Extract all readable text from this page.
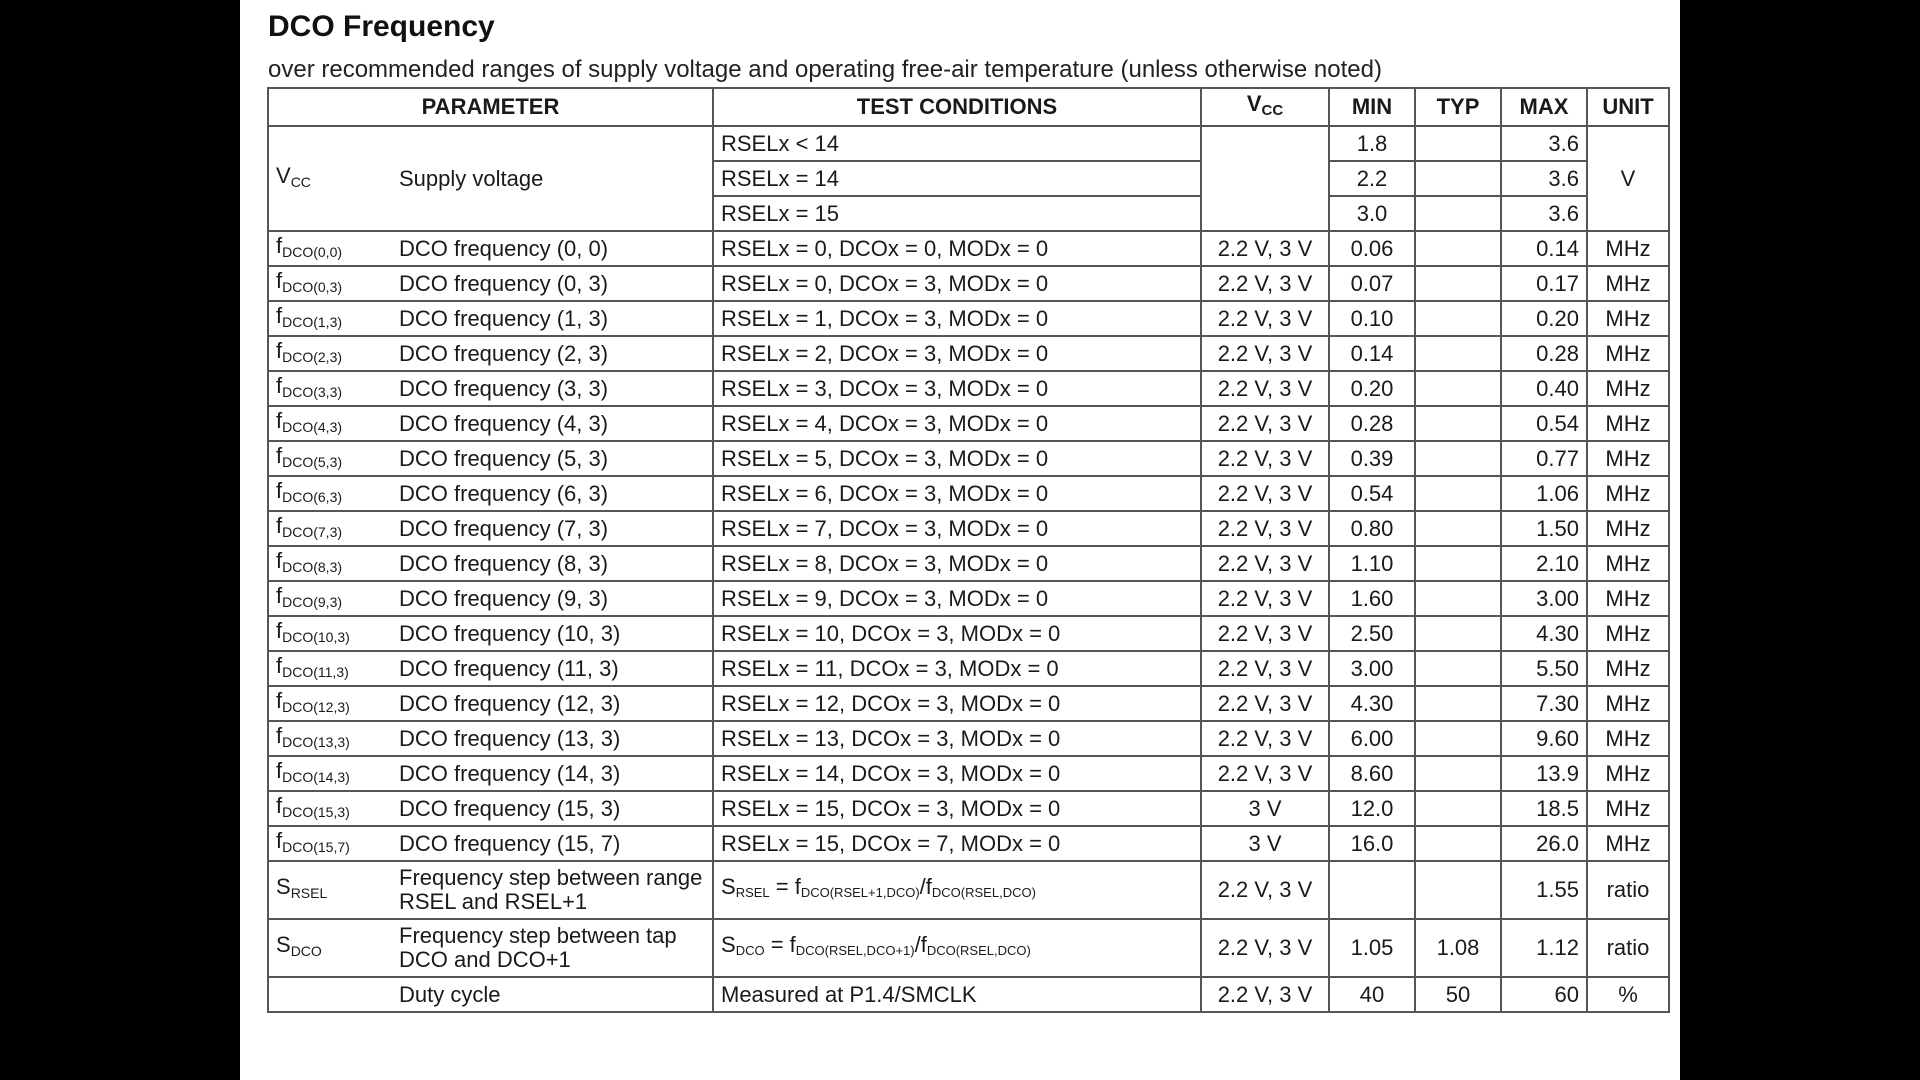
DCO Frequency
over recommended ranges of supply voltage and operating free-air temperature (unless otherwise noted)
PARAMETER		TEST CONDITIONS	$V_{CC}$	MIN	TYP	MAX	UNIT
$V_{CC}$	Supply voltage	RSELx < 14		1.8		3.6	V
		RSELx = 14		2.2		3.6	
		RSELx = 15		3.0		3.6	
$f_{DCO(0,0)}$	DCO frequency (0, 0)	RSELx = 0, DCOx = 0, MODx = 0	2.2 V, 3 V	0.06		0.14	MHz
$f_{DCO(0,3)}$	DCO frequency (0, 3)	RSELx = 0, DCOx = 3, MODx = 0	2.2 V, 3 V	0.07		0.17	MHz
$f_{DCO(1,3)}$	DCO frequency (1, 3)	RSELx = 1, DCOx = 3, MODx = 0	2.2 V, 3 V	0.10		0.20	MHz
$f_{DCO(2,3)}$	DCO frequency (2, 3)	RSELx = 2, DCOx = 3, MODx = 0	2.2 V, 3 V	0.14		0.28	MHz
$f_{DCO(3,3)}$	DCO frequency (3, 3)	RSELx = 3, DCOx = 3, MODx = 0	2.2 V, 3 V	0.20		0.40	MHz
$f_{DCO(4,3)}$	DCO frequency (4, 3)	RSELx = 4, DCOx = 3, MODx = 0	2.2 V, 3 V	0.28		0.54	MHz
$f_{DCO(5,3)}$	DCO frequency (5, 3)	RSELx = 5, DCOx = 3, MODx = 0	2.2 V, 3 V	0.39		0.77	MHz
$f_{DCO(6,3)}$	DCO frequency (6, 3)	RSELx = 6, DCOx = 3, MODx = 0	2.2 V, 3 V	0.54		1.06	MHz
$f_{DCO(7,3)}$	DCO frequency (7, 3)	RSELx = 7, DCOx = 3, MODx = 0	2.2 V, 3 V	0.80		1.50	MHz
$f_{DCO(8,3)}$	DCO frequency (8, 3)	RSELx = 8, DCOx = 3, MODx = 0	2.2 V, 3 V	1.10		2.10	MHz
$f_{DCO(9,3)}$	DCO frequency (9, 3)	RSELx = 9, DCOx = 3, MODx = 0	2.2 V, 3 V	1.60		3.00	MHz
$f_{DCO(10,3)}$	DCO frequency (10, 3)	RSELx = 10, DCOx = 3, MODx = 0	2.2 V, 3 V	2.50		4.30	MHz
$f_{DCO(11,3)}$	DCO frequency (11, 3)	RSELx = 11, DCOx = 3, MODx = 0	2.2 V, 3 V	3.00		5.50	MHz
$f_{DCO(12,3)}$	DCO frequency (12, 3)	RSELx = 12, DCOx = 3, MODx = 0	2.2 V, 3 V	4.30		7.30	MHz
$f_{DCO(13,3)}$	DCO frequency (13, 3)	RSELx = 13, DCOx = 3, MODx = 0	2.2 V, 3 V	6.00		9.60	MHz
$f_{DCO(14,3)}$	DCO frequency (14, 3)	RSELx = 14, DCOx = 3, MODx = 0	2.2 V, 3 V	8.60		13.9	MHz
$f_{DCO(15,3)}$	DCO frequency (15, 3)	RSELx = 15, DCOx = 3, MODx = 0	3 V	12.0		18.5	MHz
$f_{DCO(15,7)}$	DCO frequency (15, 7)	RSELx = 15, DCOx = 7, MODx = 0	3 V	16.0		26.0	MHz
$S_{RSEL}$	Frequency step between range RSEL and RSEL+1	$S_{RSEL} = f_{DCO(RSEL+1,DCO)}/f_{DCO(RSEL,DCO)}$	2.2 V, 3 V			1.55	ratio
$S_{DCO}$	Frequency step between tap DCO and DCO+1	$S_{DCO} = f_{DCO(RSEL,DCO+1)}/f_{DCO(RSEL,DCO)}$	2.2 V, 3 V	1.05	1.08	1.12	ratio
	Duty cycle	Measured at P1.4/SMCLK	2.2 V, 3 V	40	50	60	%
